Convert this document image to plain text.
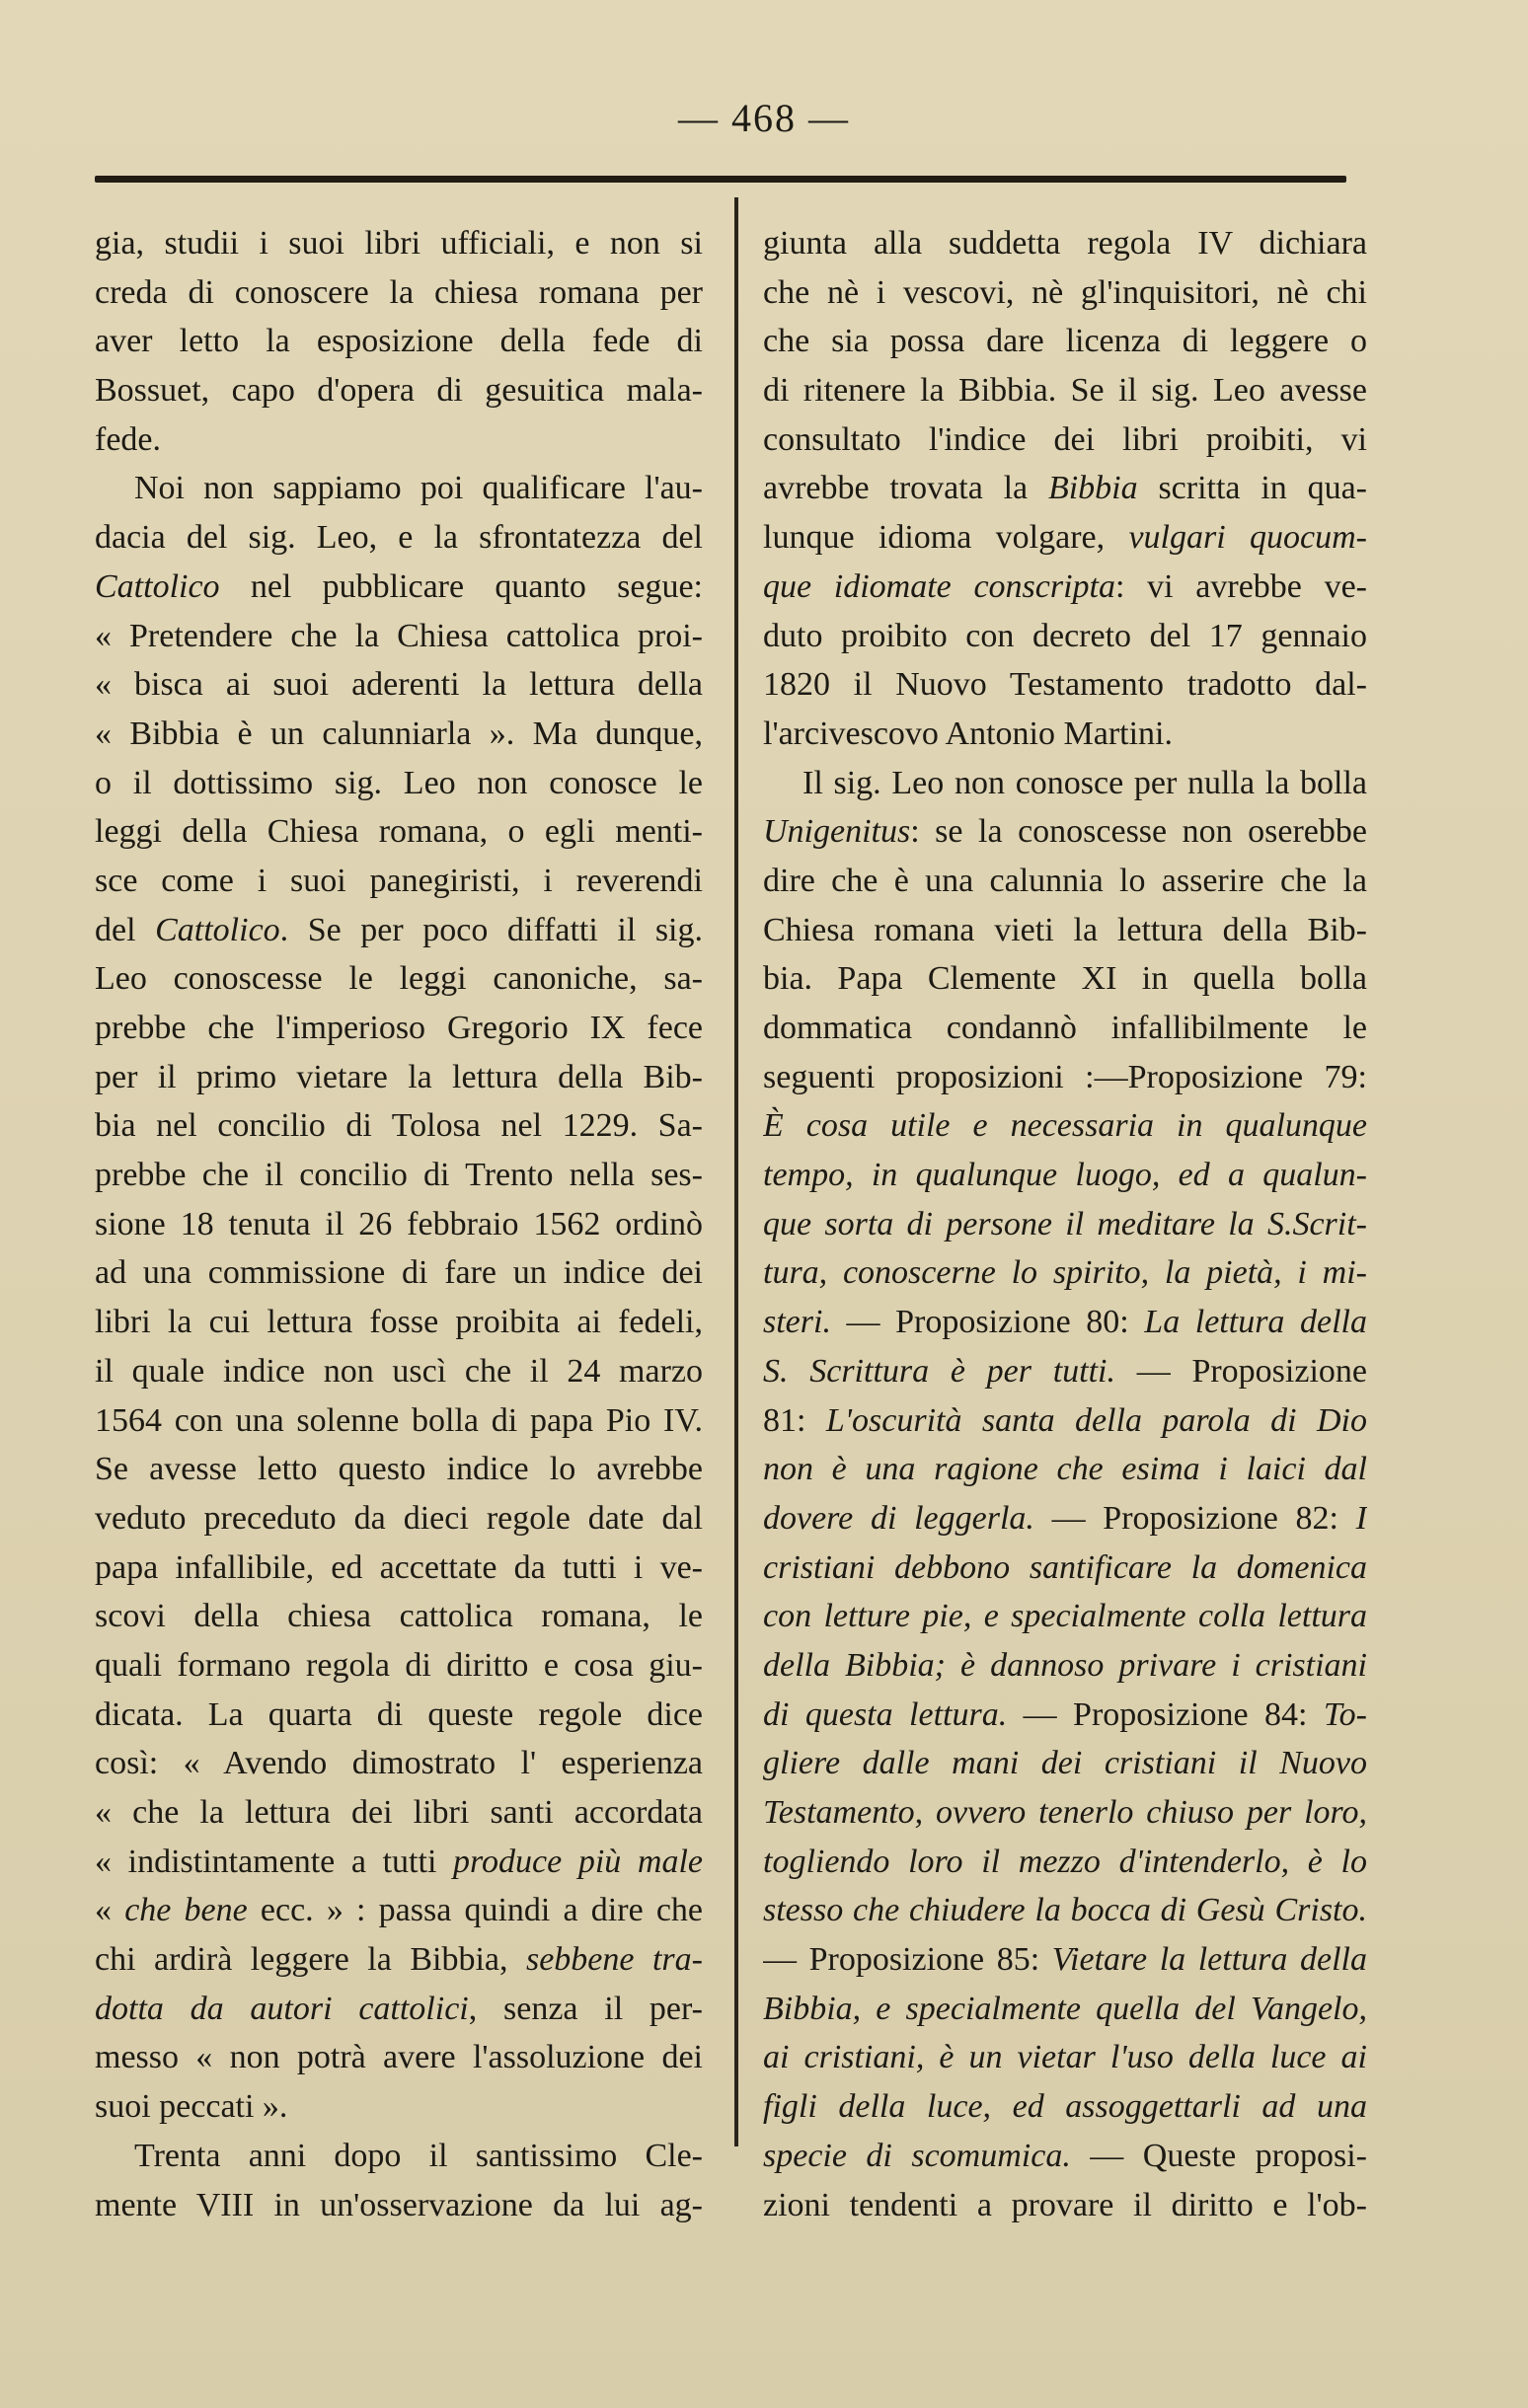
— 468 —
gia, studii i suoi libri ufficiali, e non si
creda di conoscere la chiesa romana per
aver letto la esposizione della fede di
Bossuet, capo d'opera di gesuitica mala-
fede.
Noi non sappiamo poi qualificare l'au-
dacia del sig. Leo, e la sfrontatezza del
Cattolico nel pubblicare quanto segue:
« Pretendere che la Chiesa cattolica proi-
« bisca ai suoi aderenti la lettura della
« Bibbia è un calunniarla ». Ma dunque,
o il dottissimo sig. Leo non conosce le
leggi della Chiesa romana, o egli menti-
sce come i suoi panegiristi, i reverendi
del Cattolico. Se per poco diffatti il sig.
Leo conoscesse le leggi canoniche, sa-
prebbe che l'imperioso Gregorio IX fece
per il primo vietare la lettura della Bib-
bia nel concilio di Tolosa nel 1229. Sa-
prebbe che il concilio di Trento nella ses-
sione 18 tenuta il 26 febbraio 1562 ordinò
ad una commissione di fare un indice dei
libri la cui lettura fosse proibita ai fedeli,
il quale indice non uscì che il 24 marzo
1564 con una solenne bolla di papa Pio IV.
Se avesse letto questo indice lo avrebbe
veduto preceduto da dieci regole date dal
papa infallibile, ed accettate da tutti i ve-
scovi della chiesa cattolica romana, le
quali formano regola di diritto e cosa giu-
dicata. La quarta di queste regole dice
così: « Avendo dimostrato l' esperienza
« che la lettura dei libri santi accordata
« indistintamente a tutti produce più male
« che bene ecc. » : passa quindi a dire che
chi ardirà leggere la Bibbia, sebbene tra-
dotta da autori cattolici, senza il per-
messo « non potrà avere l'assoluzione dei
suoi peccati ».
Trenta anni dopo il santissimo Cle-
mente VIII in un'osservazione da lui ag-
giunta alla suddetta regola IV dichiara
che nè i vescovi, nè gl'inquisitori, nè chi
che sia possa dare licenza di leggere o
di ritenere la Bibbia. Se il sig. Leo avesse
consultato l'indice dei libri proibiti, vi
avrebbe trovata la Bibbia scritta in qua-
lunque idioma volgare, vulgari quocum-
que idiomate conscripta: vi avrebbe ve-
duto proibito con decreto del 17 gennaio
1820 il Nuovo Testamento tradotto dal-
l'arcivescovo Antonio Martini.
Il sig. Leo non conosce per nulla la bolla
Unigenitus: se la conoscesse non oserebbe
dire che è una calunnia lo asserire che la
Chiesa romana vieti la lettura della Bib-
bia. Papa Clemente XI in quella bolla
dommatica condannò infallibilmente le
seguenti proposizioni :—Proposizione 79:
È cosa utile e necessaria in qualunque
tempo, in qualunque luogo, ed a qualun-
que sorta di persone il meditare la S.Scrit-
tura, conoscerne lo spirito, la pietà, i mi-
steri. — Proposizione 80: La lettura della
S. Scrittura è per tutti. — Proposizione
81: L'oscurità santa della parola di Dio
non è una ragione che esima i laici dal
dovere di leggerla. — Proposizione 82: I
cristiani debbono santificare la domenica
con letture pie, e specialmente colla lettura
della Bibbia; è dannoso privare i cristiani
di questa lettura. — Proposizione 84: To-
gliere dalle mani dei cristiani il Nuovo
Testamento, ovvero tenerlo chiuso per loro,
togliendo loro il mezzo d'intenderlo, è lo
stesso che chiudere la bocca di Gesù Cristo.
— Proposizione 85: Vietare la lettura della
Bibbia, e specialmente quella del Vangelo,
ai cristiani, è un vietar l'uso della luce ai
figli della luce, ed assoggettarli ad una
specie di scomumica. — Queste proposi-
zioni tendenti a provare il diritto e l'ob-
